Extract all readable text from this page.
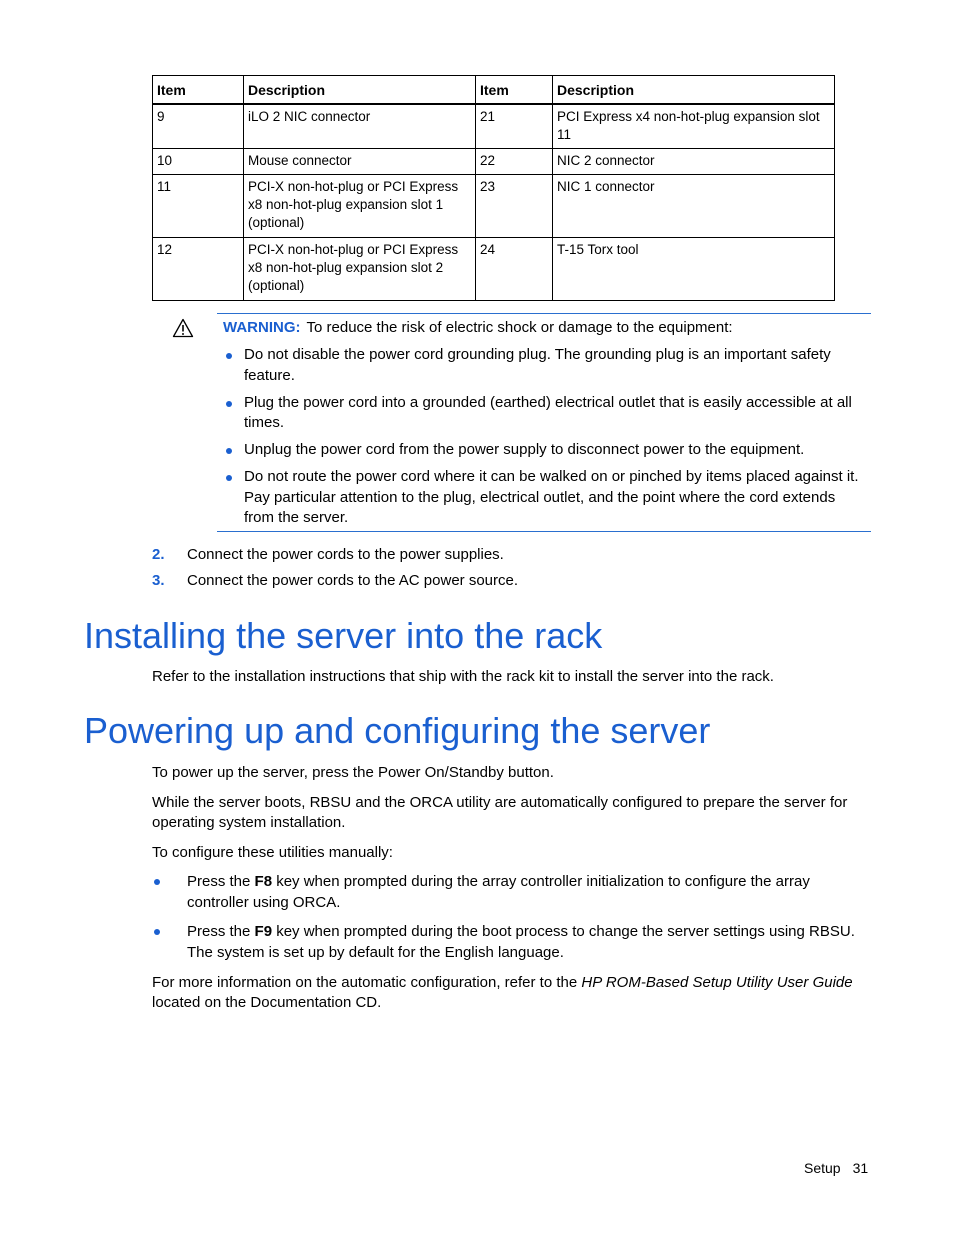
Item	Description	Item	Description
9	iLO 2 NIC connector	21	PCI Express x4 non-hot-plug expansion slot 11
10	Mouse connector	22	NIC 2 connector
11	PCI-X non-hot-plug or PCI Express x8 non-hot-plug expansion slot 1 (optional)	23	NIC 1 connector
12	PCI-X non-hot-plug or PCI Express x8 non-hot-plug expansion slot 2 (optional)	24	T-15 Torx tool
WARNING: To reduce the risk of electric shock or damage to the equipment:
Do not disable the power cord grounding plug. The grounding plug is an important safety feature.
Plug the power cord into a grounded (earthed) electrical outlet that is easily accessible at all times.
Unplug the power cord from the power supply to disconnect power to the equipment.
Do not route the power cord where it can be walked on or pinched by items placed against it. Pay particular attention to the plug, electrical outlet, and the point where the cord extends from the server.
2. Connect the power cords to the power supplies.
3. Connect the power cords to the AC power source.
Installing the server into the rack

Refer to the installation instructions that ship with the rack kit to install the server into the rack.

Powering up and configuring the server

To power up the server, press the Power On/Standby button.

While the server boots, RBSU and the ORCA utility are automatically configured to prepare the server for operating system installation.

To configure these utilities manually:

Press the F8 key when prompted during the array controller initialization to configure the array controller using ORCA.
Press the F9 key when prompted during the boot process to change the server settings using RBSU. The system is set up by default for the English language.

For more information on the automatic configuration, refer to the HP ROM-Based Setup Utility User Guide located on the Documentation CD.

Setup 31
